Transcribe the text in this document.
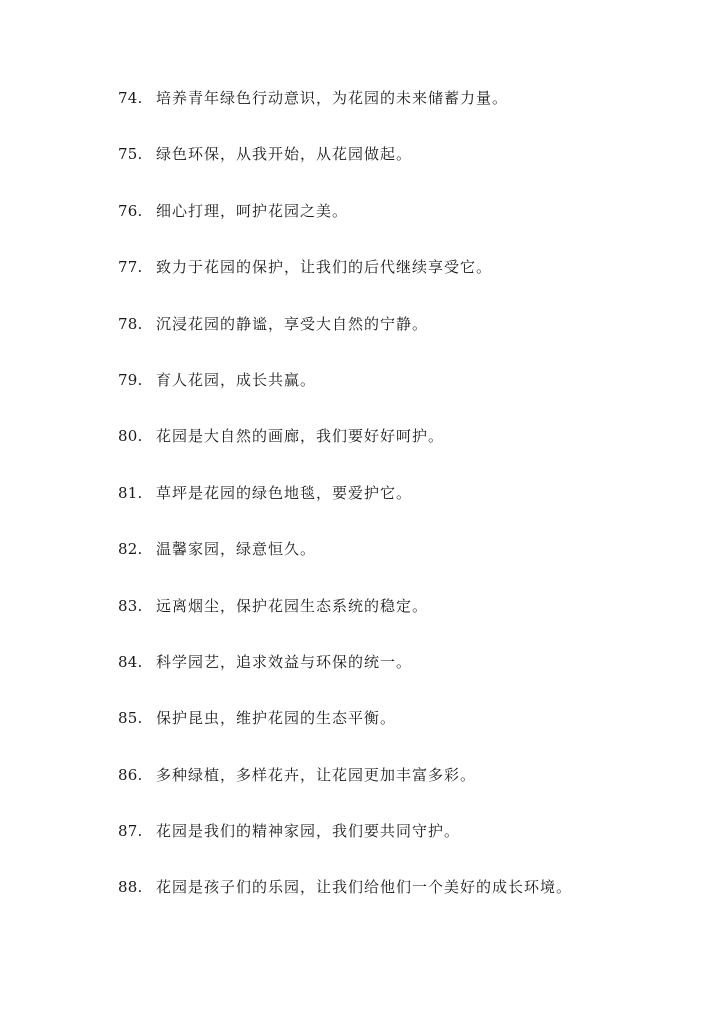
74. 培养青年绿色行动意识，为花园的未来储蓄力量。
75. 绿色环保，从我开始，从花园做起。
76. 细心打理，呵护花园之美。
77. 致力于花园的保护，让我们的后代继续享受它。
78. 沉浸花园的静谧，享受大自然的宁静。
79. 育人花园，成长共赢。
80. 花园是大自然的画廊，我们要好好呵护。
81. 草坪是花园的绿色地毯，要爱护它。
82. 温馨家园，绿意恒久。
83. 远离烟尘，保护花园生态系统的稳定。
84. 科学园艺，追求效益与环保的统一。
85. 保护昆虫，维护花园的生态平衡。
86. 多种绿植，多样花卉，让花园更加丰富多彩。
87. 花园是我们的精神家园，我们要共同守护。
88. 花园是孩子们的乐园，让我们给他们一个美好的成长环境。
